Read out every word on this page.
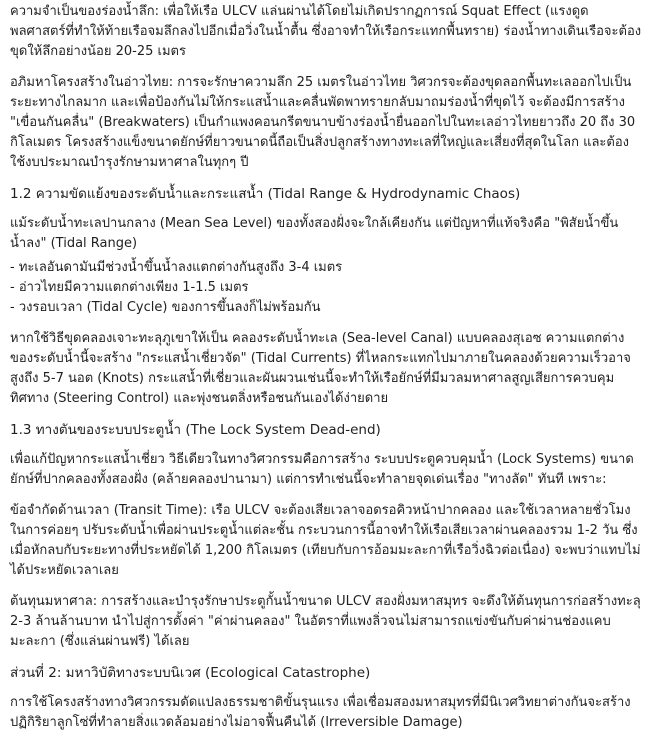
ความจำเป็นของร่องน้ำลึก: เพื่อให้เรือ ULCV แล่นผ่านได้โดยไม่เกิดปรากฏการณ์ Squat Effect (แรงดูดพลศาสตร์ที่ทำให้ท้ายเรือจมลึกลงไปอีกเมื่อวิ่งในน้ำตื้น ซึ่งอาจทำให้เรือกระแทกพื้นทราย) ร่องน้ำทางเดินเรือจะต้องขุดให้ลึกอย่างน้อย 20-25 เมตร

อภิมหาโครงสร้างในอ่าวไทย: การจะรักษาความลึก 25 เมตรในอ่าวไทย วิศวกรจะต้องขุดลอกพื้นทะเลออกไปเป็นระยะทางไกลมาก และเพื่อป้องกันไม่ให้กระแสน้ำและคลื่นพัดพาทรายกลับมาถมร่องน้ำที่ขุดไว้ จะต้องมีการสร้าง "เขื่อนกันคลื่น" (Breakwaters) เป็นกำแพงคอนกรีตขนาบข้างร่องน้ำยื่นออกไปในทะเลอ่าวไทยยาวถึง 20 ถึง 30 กิโลเมตร โครงสร้างแข็งขนาดยักษ์ที่ยาวขนาดนี้ถือเป็นสิ่งปลูกสร้างทางทะเลที่ใหญ่และเสี่ยงที่สุดในโลก และต้องใช้งบประมาณบำรุงรักษามหาศาลในทุกๆ ปี

1.2 ความขัดแย้งของระดับน้ำและกระแสน้ำ (Tidal Range & Hydrodynamic Chaos)

แม้ระดับน้ำทะเลปานกลาง (Mean Sea Level) ของทั้งสองฝั่งจะใกล้เคียงกัน แต่ปัญหาที่แท้จริงคือ "พิสัยน้ำขึ้นน้ำลง" (Tidal Range)

- ทะเลอันดามันมีช่วงน้ำขึ้นน้ำลงแตกต่างกันสูงถึง 3-4 เมตร
- อ่าวไทยมีความแตกต่างเพียง 1-1.5 เมตร
- วงรอบเวลา (Tidal Cycle) ของการขึ้นลงก็ไม่พร้อมกัน

หากใช้วิธีขุดคลองเจาะทะลุภูเขาให้เป็น คลองระดับน้ำทะเล (Sea-level Canal) แบบคลองสุเอซ ความแตกต่างของระดับน้ำนี้จะสร้าง "กระแสน้ำเชี่ยวจัด" (Tidal Currents) ที่ไหลกระแทกไปมาภายในคลองด้วยความเร็วอาจสูงถึง 5-7 นอต (Knots) กระแสน้ำที่เชี่ยวและผันผวนเช่นนี้จะทำให้เรือยักษ์ที่มีมวลมหาศาลสูญเสียการควบคุมทิศทาง (Steering Control) และพุ่งชนตลิ่งหรือชนกันเองได้ง่ายดาย

1.3 ทางตันของระบบประตูน้ำ (The Lock System Dead-end)

เพื่อแก้ปัญหากระแสน้ำเชี่ยว วิธีเดียวในทางวิศวกรรมคือการสร้าง ระบบประตูควบคุมน้ำ (Lock Systems) ขนาดยักษ์ที่ปากคลองทั้งสองฝั่ง (คล้ายคลองปานามา) แต่การทำเช่นนี้จะทำลายจุดเด่นเรื่อง "ทางลัด" ทันที เพราะ:

ข้อจำกัดด้านเวลา (Transit Time): เรือ ULCV จะต้องเสียเวลาจอดรอคิวหน้าปากคลอง และใช้เวลาหลายชั่วโมงในการค่อยๆ ปรับระดับน้ำเพื่อผ่านประตูน้ำแต่ละชั้น กระบวนการนี้อาจทำให้เรือเสียเวลาผ่านคลองรวม 1-2 วัน ซึ่งเมื่อหักลบกับระยะทางที่ประหยัดได้ 1,200 กิโลเมตร (เทียบกับการอ้อมมะละกาที่เรือวิ่งฉิวต่อเนื่อง) จะพบว่าแทบไม่ได้ประหยัดเวลาเลย

ต้นทุนมหาศาล: การสร้างและบำรุงรักษาประตูกั้นน้ำขนาด ULCV สองฝั่งมหาสมุทร จะดึงให้ต้นทุนการก่อสร้างทะลุ 2-3 ล้านล้านบาท นำไปสู่การตั้งค่า "ค่าผ่านคลอง" ในอัตราที่แพงลิ่วจนไม่สามารถแข่งขันกับค่าผ่านช่องแคบมะละกา (ซึ่งแล่นผ่านฟรี) ได้เลย

ส่วนที่ 2: มหาวิบัติทางระบบนิเวศ (Ecological Catastrophe)

การใช้โครงสร้างทางวิศวกรรมดัดแปลงธรรมชาติขั้นรุนแรง เพื่อเชื่อมสองมหาสมุทรที่มีนิเวศวิทยาต่างกันจะสร้างปฏิกิริยาลูกโซ่ที่ทำลายสิ่งแวดล้อมอย่างไม่อาจฟื้นคืนได้ (Irreversible Damage)
